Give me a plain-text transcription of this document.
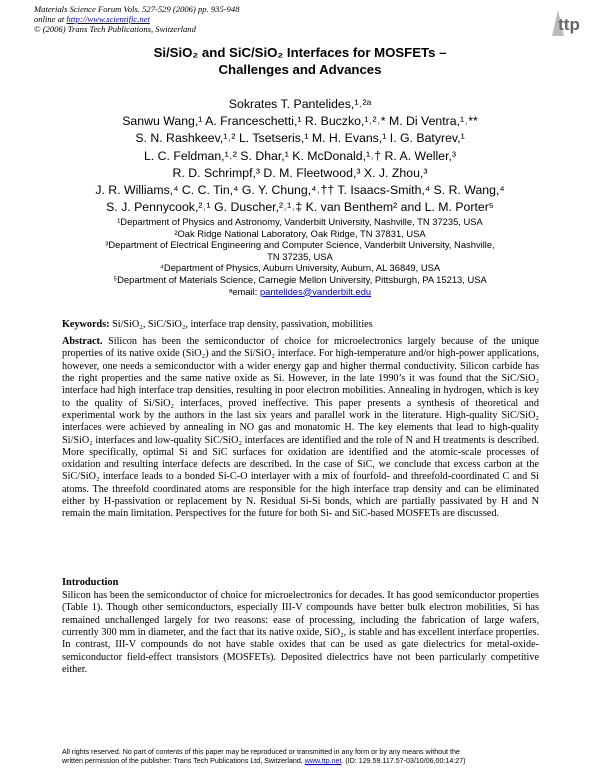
Materials Science Forum Vols. 527-529 (2006) pp. 935-948
online at http://www.scientific.net
© (2006) Trans Tech Publications, Switzerland	ttp
Si/SiO₂ and SiC/SiO₂ Interfaces for MOSFETs –
Challenges and Advances
Sokrates T. Pantelides,¹˒²ᵃ
Sanwu Wang,¹ A. Franceschetti,¹ R. Buczko,¹˒²˒* M. Di Ventra,¹˒**
S. N. Rashkeev,¹˒² L. Tsetseris,¹ M. H. Evans,¹ I. G. Batyrev,¹
L. C. Feldman,¹˒² S. Dhar,¹ K. McDonald,¹˒† R. A. Weller,³
R. D. Schrimpf,³ D. M. Fleetwood,³ X. J. Zhou,³
J. R. Williams,⁴ C. C. Tin,⁴ G. Y. Chung,⁴˒†† T. Isaacs-Smith,⁴ S. R. Wang,⁴
S. J. Pennycook,²˒¹ G. Duscher,²˒¹˒‡ K. van Benthem² and L. M. Porter⁵
¹Department of Physics and Astronomy, Vanderbilt University, Nashville, TN 37235, USA
²Oak Ridge National Laboratory, Oak Ridge, TN 37831, USA
³Department of Electrical Engineering and Computer Science, Vanderbilt University, Nashville,
TN 37235, USA
⁴Department of Physics, Auburn University, Auburn, AL 36849, USA
⁵Department of Materials Science, Carnegie Mellon University, Pittsburgh, PA 15213, USA
ᵃemail: pantelides@vanderbilt.edu
Keywords: Si/SiO₂, SiC/SiO₂, interface trap density, passivation, mobilities
Abstract. Silicon has been the semiconductor of choice for microelectronics largely because of the unique properties of its native oxide (SiO₂) and the Si/SiO₂ interface. For high-temperature and/or high-power applications, however, one needs a semiconductor with a wider energy gap and higher thermal conductivity. Silicon carbide has the right properties and the same native oxide as Si. However, in the late 1990’s it was found that the SiC/SiO₂ interface had high interface trap densities, resulting in poor electron mobilities. Annealing in hydrogen, which is key to the quality of Si/SiO₂ interfaces, proved ineffective. This paper presents a synthesis of theoretical and experimental work by the authors in the last six years and parallel work in the literature. High-quality SiC/SiO₂ interfaces were achieved by annealing in NO gas and monatomic H. The key elements that lead to high-quality Si/SiO₂ interfaces and low-quality SiC/SiO₂ interfaces are identified and the role of N and H treatments is described. More specifically, optimal Si and SiC surfaces for oxidation are identified and the atomic-scale processes of oxidation and resulting interface defects are described. In the case of SiC, we conclude that excess carbon at the SiC/SiO₂ interface leads to a bonded Si-C-O interlayer with a mix of fourfold- and threefold-coordinated C and Si atoms. The threefold coordinated atoms are responsible for the high interface trap density and can be eliminated either by H-passivation or replacement by N. Residual Si-Si bonds, which are partially passivated by H and N remain the main limitation. Perspectives for the future for both Si- and SiC-based MOSFETs are discussed.
Introduction
Silicon has been the semiconductor of choice for microelectronics for decades. It has good semiconductor properties (Table 1). Though other semiconductors, especially III-V compounds have better bulk electron mobilities, Si has remained unchallenged largely for two reasons: ease of processing, including the fabrication of large wafers, currently 300 mm in diameter, and the fact that its native oxide, SiO₂, is stable and has excellent interface properties. In contrast, III-V compounds do not have stable oxides that can be used as gate dielectrics for metal-oxide-semiconductor field-effect transistors (MOSFETs). Deposited dielectrics have not been particularly competitive either.
All rights reserved. No part of contents of this paper may be reproduced or transmitted in any form or by any means without the
written permission of the publisher: Trans Tech Publications Ltd, Switzerland, www.ttp.net. (ID: 129.59.117.57-03/10/06,00:14:27)
